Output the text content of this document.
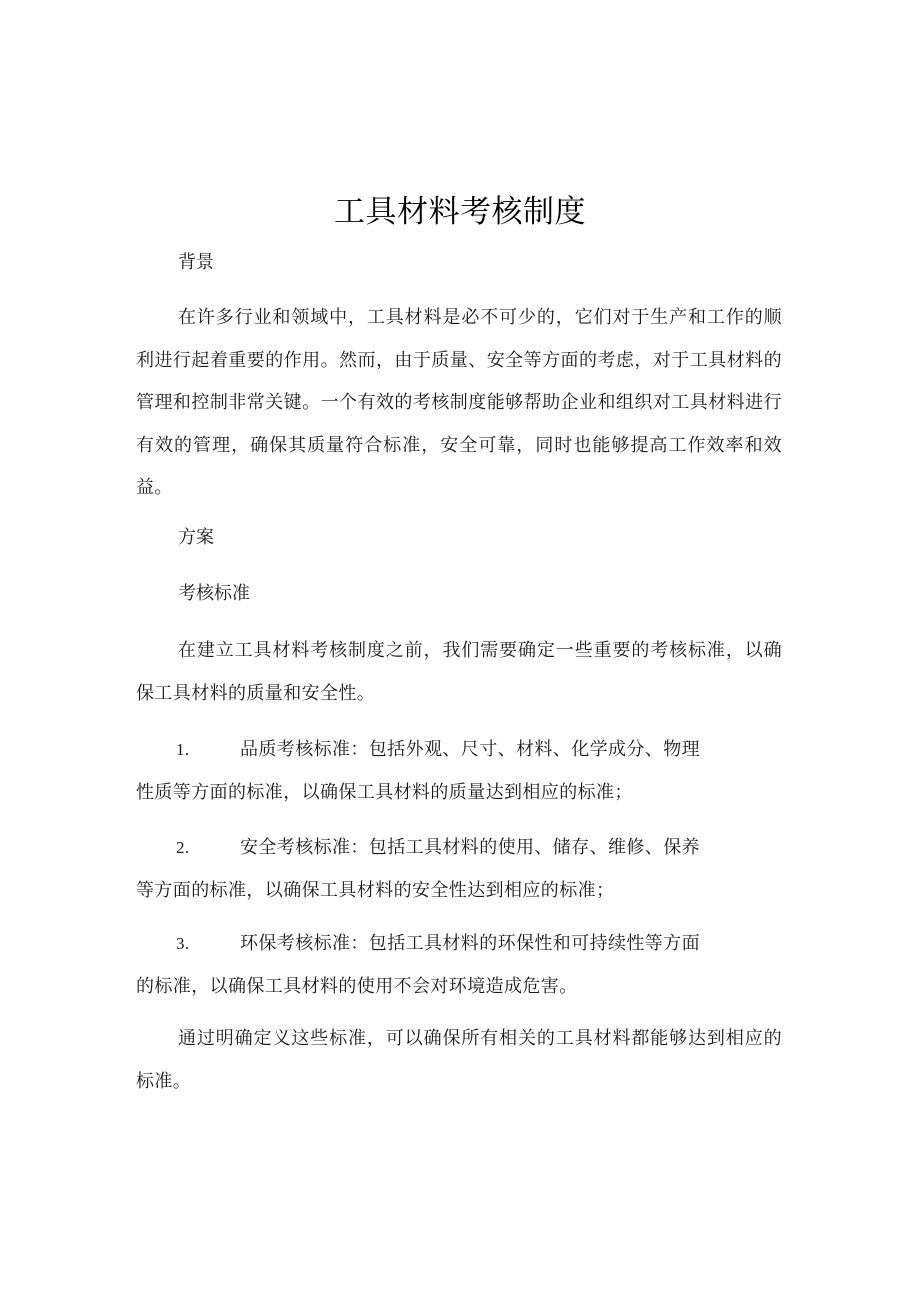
工具材料考核制度
背景
在许多行业和领域中，工具材料是必不可少的，它们对于生产和工作的顺利进行起着重要的作用。然而，由于质量、安全等方面的考虑，对于工具材料的管理和控制非常关键。一个有效的考核制度能够帮助企业和组织对工具材料进行有效的管理，确保其质量符合标准，安全可靠，同时也能够提高工作效率和效益。
方案
考核标准
在建立工具材料考核制度之前，我们需要确定一些重要的考核标准，以确保工具材料的质量和安全性。
1.	品质考核标准：包括外观、尺寸、材料、化学成分、物理
性质等方面的标准，以确保工具材料的质量达到相应的标准；
2.	安全考核标准：包括工具材料的使用、储存、维修、保养
等方面的标准，以确保工具材料的安全性达到相应的标准；
3.	环保考核标准：包括工具材料的环保性和可持续性等方面
的标准，以确保工具材料的使用不会对环境造成危害。
通过明确定义这些标准，可以确保所有相关的工具材料都能够达到相应的标准。
